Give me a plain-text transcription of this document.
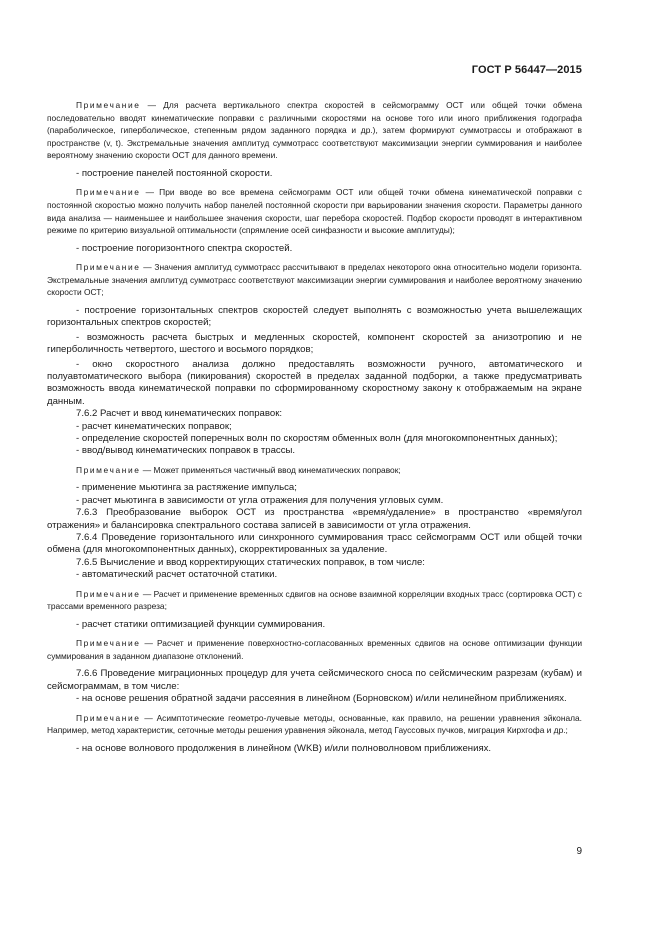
ГОСТ Р 56447—2015

Примечание — Для расчета вертикального спектра скоростей в сейсмограмму ОСТ или общей точки обмена последовательно вводят кинематические поправки с различными скоростями на основе того или иного приближения годографа (параболическое, гиперболическое, степенным рядом заданного порядка и др.), затем формируют суммотрассы и отображают в пространстве (v, t). Экстремальные значения амплитуд суммотрасс соответствуют максимизации энергии суммирования и наиболее вероятному значению скорости ОСТ для данного времени.

- построение панелей постоянной скорости.

Примечание — При вводе во все времена сейсмограмм ОСТ или общей точки обмена кинематической поправки с постоянной скоростью можно получить набор панелей постоянной скорости при варьировании значения скорости. Параметры данного вида анализа — наименьшее и наибольшее значения скорости, шаг перебора скоростей. Подбор скорости проводят в интерактивном режиме по критерию визуальной оптимальности (спрямление осей синфазности и высокие амплитуды);

- построение погоризонтного спектра скоростей.

Примечание — Значения амплитуд суммотрасс рассчитывают в пределах некоторого окна относительно модели горизонта. Экстремальные значения амплитуд суммотрасс соответствуют максимизации энергии суммирования и наиболее вероятному значению скорости ОСТ;

- построение горизонтальных спектров скоростей следует выполнять с возможностью учета вышележащих горизонтальных спектров скоростей;

- возможность расчета быстрых и медленных скоростей, компонент скоростей за анизотропию и не гиперболичность четвертого, шестого и восьмого порядков;

- окно скоростного анализа должно предоставлять возможности ручного, автоматического и полуавтоматического выбора (пикирования) скоростей в пределах заданной подборки, а также предусматривать возможность ввода кинематической поправки по сформированному скоростному закону к отображаемым на экране данным.

7.6.2 Расчет и ввод кинематических поправок:

- расчет кинематических поправок;

- определение скоростей поперечных волн по скоростям обменных волн (для многокомпонентных данных);

- ввод/вывод кинематических поправок в трассы.

Примечание — Может применяться частичный ввод кинематических поправок;

- применение мьютинга за растяжение импульса;

- расчет мьютинга в зависимости от угла отражения для получения угловых сумм.

7.6.3 Преобразование выборок ОСТ из пространства «время/удаление» в пространство «время/угол отражения» и балансировка спектрального состава записей в зависимости от угла отражения.

7.6.4 Проведение горизонтального или синхронного суммирования трасс сейсмограмм ОСТ или общей точки обмена (для многокомпонентных данных), скорректированных за удаление.

7.6.5 Вычисление и ввод корректирующих статических поправок, в том числе:

- автоматический расчет остаточной статики.

Примечание — Расчет и применение временных сдвигов на основе взаимной корреляции входных трасс (сортировка ОСТ) с трассами временного разреза;

- расчет статики оптимизацией функции суммирования.

Примечание — Расчет и применение поверхностно-согласованных временных сдвигов на основе оптимизации функции суммирования в заданном диапазоне отклонений.

7.6.6 Проведение миграционных процедур для учета сейсмического сноса по сейсмическим разрезам (кубам) и сейсмограммам, в том числе:

- на основе решения обратной задачи рассеяния в линейном (Борновском) и/или нелинейном приближениях.

Примечание — Асимптотические геометро-лучевые методы, основанные, как правило, на решении уравнения эйконала. Например, метод характеристик, сеточные методы решения уравнения эйконала, метод Гауссовых пучков, миграция Кирхгофа и др.;

- на основе волнового продолжения в линейном (WKB) и/или полноволновом приближениях.

9
